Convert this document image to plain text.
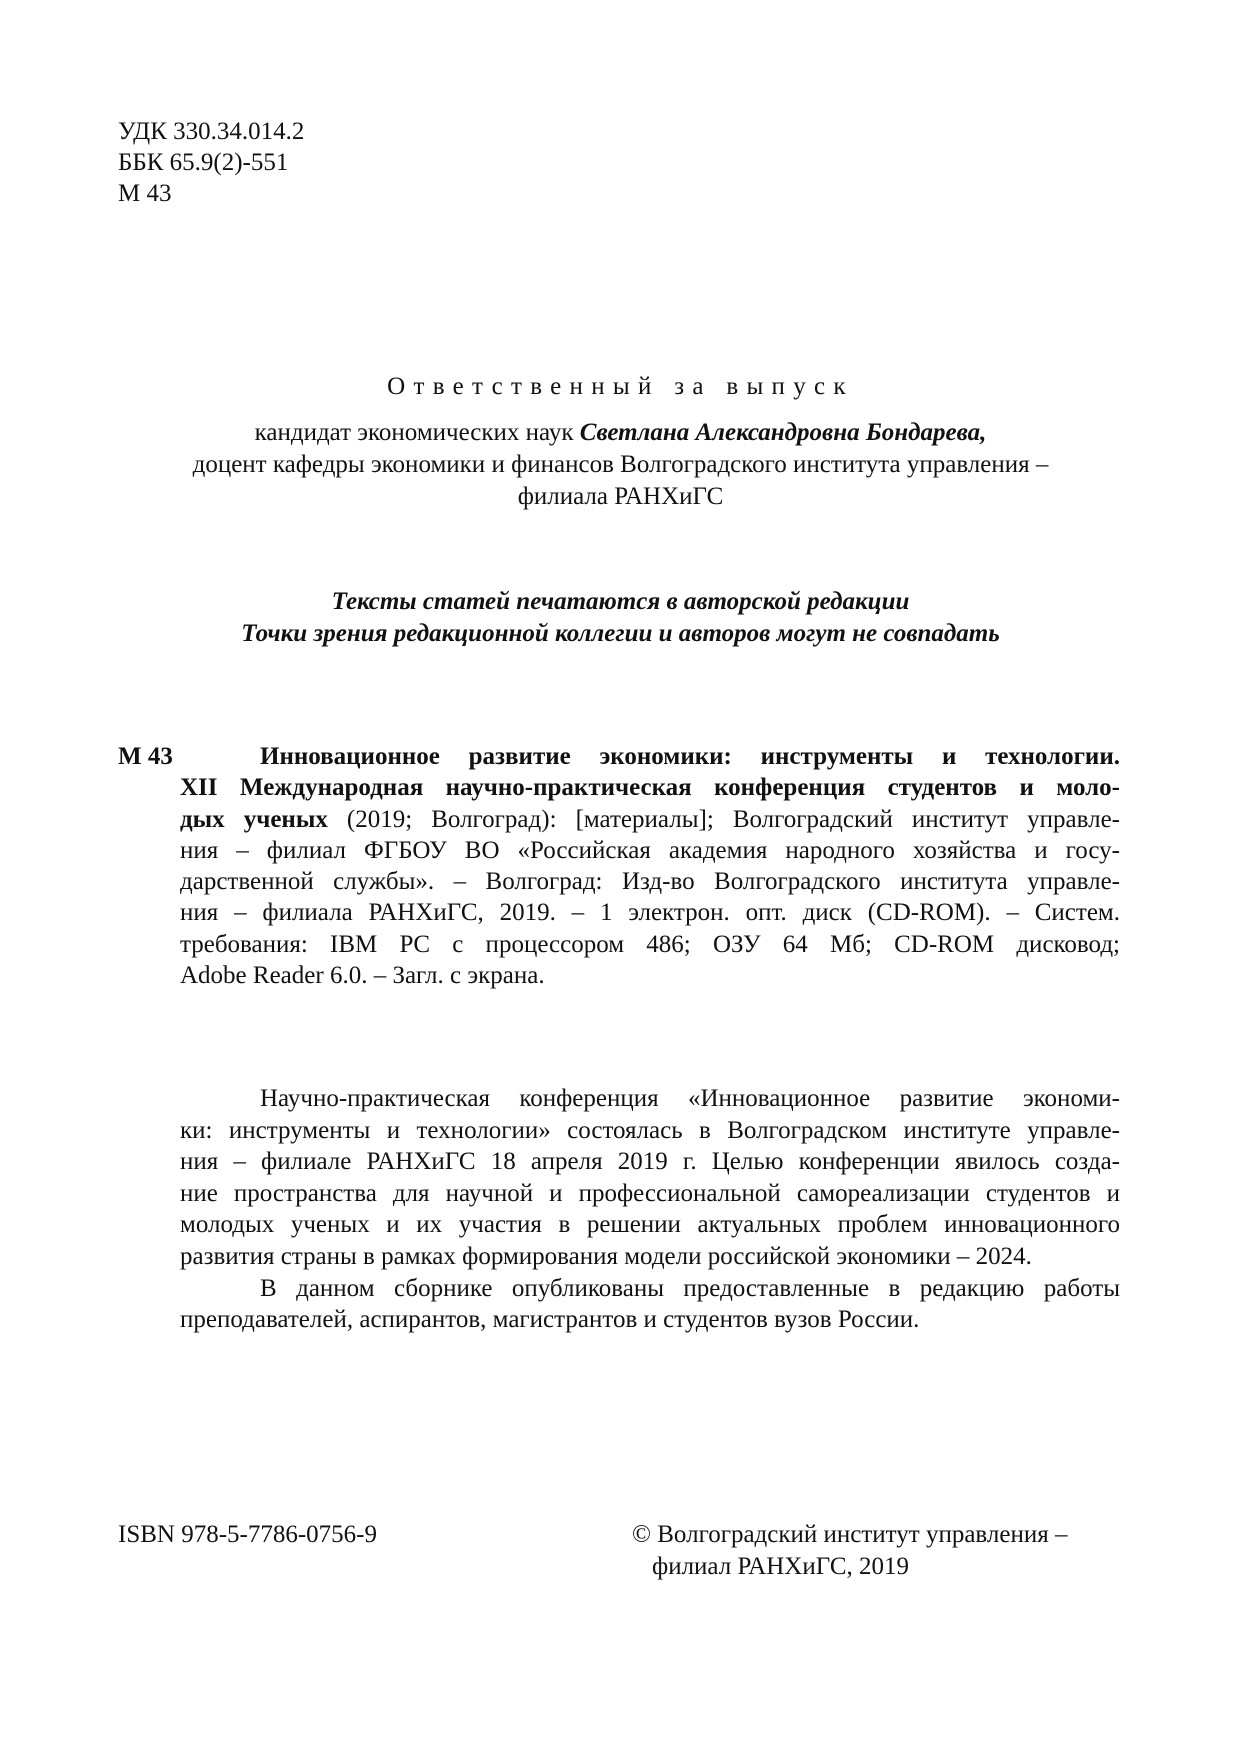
УДК 330.34.014.2
ББК 65.9(2)-551
М 43
Ответственный за выпуск
кандидат экономических наук Светлана Александровна Бондарева,
доцент кафедры экономики и финансов Волгоградского института управления –
филиала РАНХиГС
Тексты статей печатаются в авторской редакции
Точки зрения редакционной коллегии и авторов могут не совпадать
М 43	Инновационное развитие экономики: инструменты и технологии.
XII Международная научно-практическая конференция студентов и моло-
дых ученых (2019; Волгоград): [материалы]; Волгоградский институт управле-
ния – филиал ФГБОУ ВО «Российская академия народного хозяйства и госу-
дарственной службы». – Волгоград: Изд-во Волгоградского института управле-
ния – филиала РАНХиГС, 2019. – 1 электрон. опт. диск (CD-ROM). – Систем.
требования: IBM PC с процессором 486; ОЗУ 64 Мб; CD-ROM дисковод;
Adobe Reader 6.0. – Загл. с экрана.
Научно-практическая конференция «Инновационное развитие экономи-
ки: инструменты и технологии» состоялась в Волгоградском институте управле-
ния – филиале РАНХиГС 18 апреля 2019 г. Целью конференции явилось созда-
ние пространства для научной и профессиональной самореализации студентов и
молодых ученых и их участия в решении актуальных проблем инновационного
развития страны в рамках формирования модели российской экономики – 2024.
В данном сборнике опубликованы предоставленные в редакцию работы
преподавателей, аспирантов, магистрантов и студентов вузов России.
ISBN 978-5-7786-0756-9	© Волгоградский институт управления –
филиал РАНХиГС, 2019
